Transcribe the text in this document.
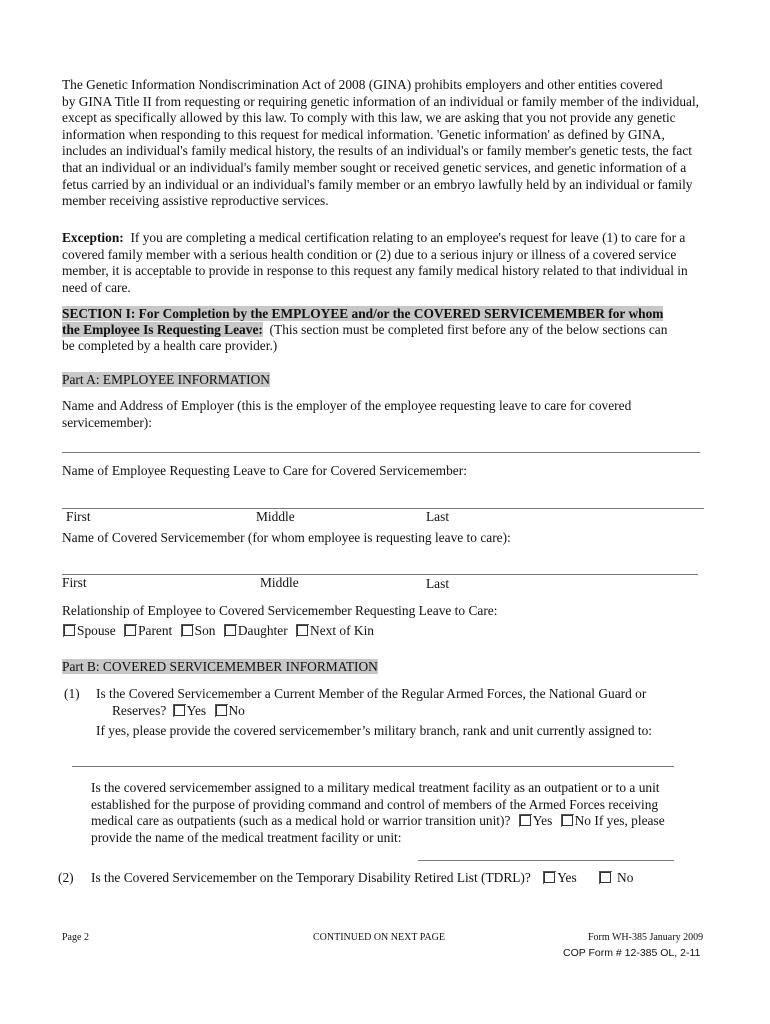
The Genetic Information Nondiscrimination Act of 2008 (GINA) prohibits employers and other entities covered
by GINA Title II from requesting or requiring genetic information of an individual or family member of the individual,
except as specifically allowed by this law. To comply with this law, we are asking that you not provide any genetic
information when responding to this request for medical information. 'Genetic information' as defined by GINA,
includes an individual's family medical history, the results of an individual's or family member's genetic tests, the fact
that an individual or an individual's family member sought or received genetic services, and genetic information of a
fetus carried by an individual or an individual's family member or an embryo lawfully held by an individual or family
member receiving assistive reproductive services.
Exception:  If you are completing a medical certification relating to an employee's request for leave (1) to care for a
covered family member with a serious health condition or (2) due to a serious injury or illness of a covered service
member, it is acceptable to provide in response to this request any family medical history related to that individual in
need of care.
SECTION I: For Completion by the EMPLOYEE and/or the COVERED SERVICEMEMBER for whom
the Employee Is Requesting Leave:  (This section must be completed first before any of the below sections can
be completed by a health care provider.)
Part A: EMPLOYEE INFORMATION
Name and Address of Employer (this is the employer of the employee requesting leave to care for covered
servicemember):
Name of Employee Requesting Leave to Care for Covered Servicemember:
First	Middle	Last
Name of Covered Servicemember (for whom employee is requesting leave to care):
First	Middle	Last
Relationship of Employee to Covered Servicemember Requesting Leave to Care:
Spouse Parent Son Daughter Next of Kin
Part B: COVERED SERVICEMEMBER INFORMATION
(1) Is the Covered Servicemember a Current Member of the Regular Armed Forces, the National Guard or
Reserves? Yes No
If yes, please provide the covered servicemember’s military branch, rank and unit currently assigned to:
Is the covered servicemember assigned to a military medical treatment facility as an outpatient or to a unit
established for the purpose of providing command and control of members of the Armed Forces receiving
medical care as outpatients (such as a medical hold or warrior transition unit)? Yes No If yes, please
provide the name of the medical treatment facility or unit:
(2) Is the Covered Servicemember on the Temporary Disability Retired List (TDRL)? Yes	No
Page 2	CONTINUED ON NEXT PAGE	Form WH-385 January 2009
COP Form # 12-385 OL, 2-11
